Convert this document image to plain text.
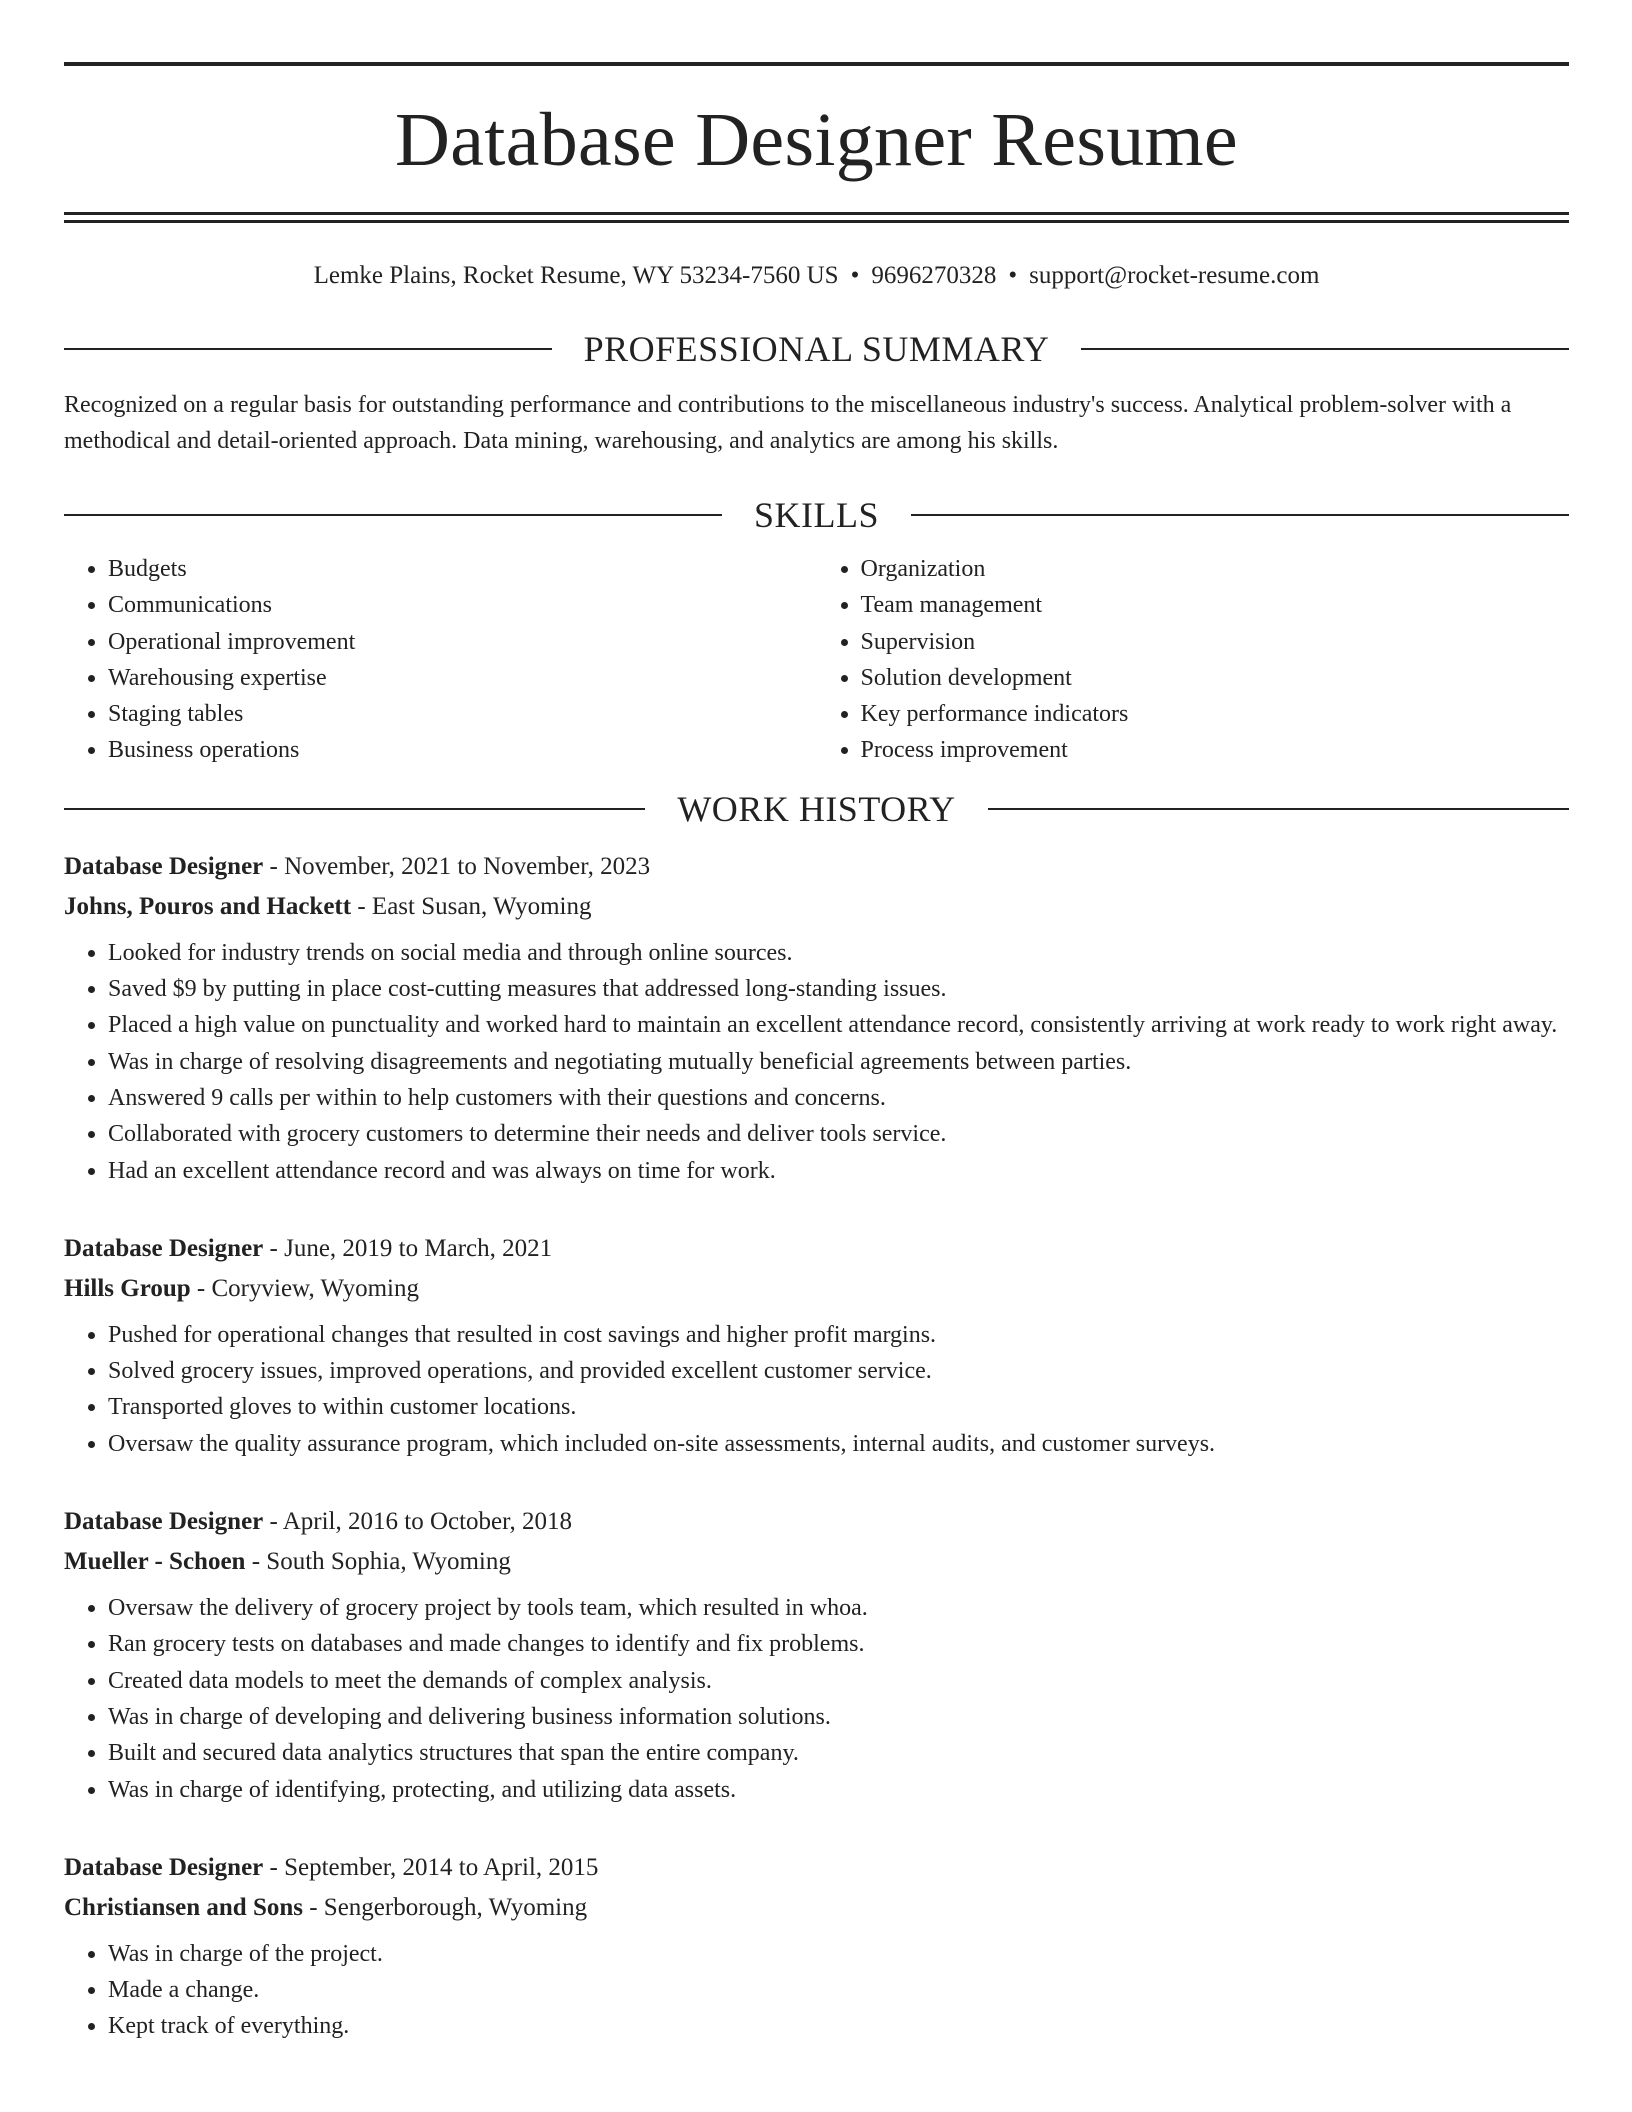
Database Designer Resume
Lemke Plains, Rocket Resume, WY 53234-7560 US • 9696270328 • support@rocket-resume.com
PROFESSIONAL SUMMARY
Recognized on a regular basis for outstanding performance and contributions to the miscellaneous industry's success. Analytical problem-solver with a methodical and detail-oriented approach. Data mining, warehousing, and analytics are among his skills.
SKILLS
• Budgets
• Communications
• Operational improvement
• Warehousing expertise
• Staging tables
• Business operations
• Organization
• Team management
• Supervision
• Solution development
• Key performance indicators
• Process improvement
WORK HISTORY
Database Designer - November, 2021 to November, 2023
Johns, Pouros and Hackett - East Susan, Wyoming
• Looked for industry trends on social media and through online sources.
• Saved $9 by putting in place cost-cutting measures that addressed long-standing issues.
• Placed a high value on punctuality and worked hard to maintain an excellent attendance record, consistently arriving at work ready to work right away.
• Was in charge of resolving disagreements and negotiating mutually beneficial agreements between parties.
• Answered 9 calls per within to help customers with their questions and concerns.
• Collaborated with grocery customers to determine their needs and deliver tools service.
• Had an excellent attendance record and was always on time for work.
Database Designer - June, 2019 to March, 2021
Hills Group - Coryview, Wyoming
• Pushed for operational changes that resulted in cost savings and higher profit margins.
• Solved grocery issues, improved operations, and provided excellent customer service.
• Transported gloves to within customer locations.
• Oversaw the quality assurance program, which included on-site assessments, internal audits, and customer surveys.
Database Designer - April, 2016 to October, 2018
Mueller - Schoen - South Sophia, Wyoming
• Oversaw the delivery of grocery project by tools team, which resulted in whoa.
• Ran grocery tests on databases and made changes to identify and fix problems.
• Created data models to meet the demands of complex analysis.
• Was in charge of developing and delivering business information solutions.
• Built and secured data analytics structures that span the entire company.
• Was in charge of identifying, protecting, and utilizing data assets.
Database Designer - September, 2014 to April, 2015
Christiansen and Sons - Sengerborough, Wyoming
• Was in charge of the project.
• Made a change.
• Kept track of everything.
